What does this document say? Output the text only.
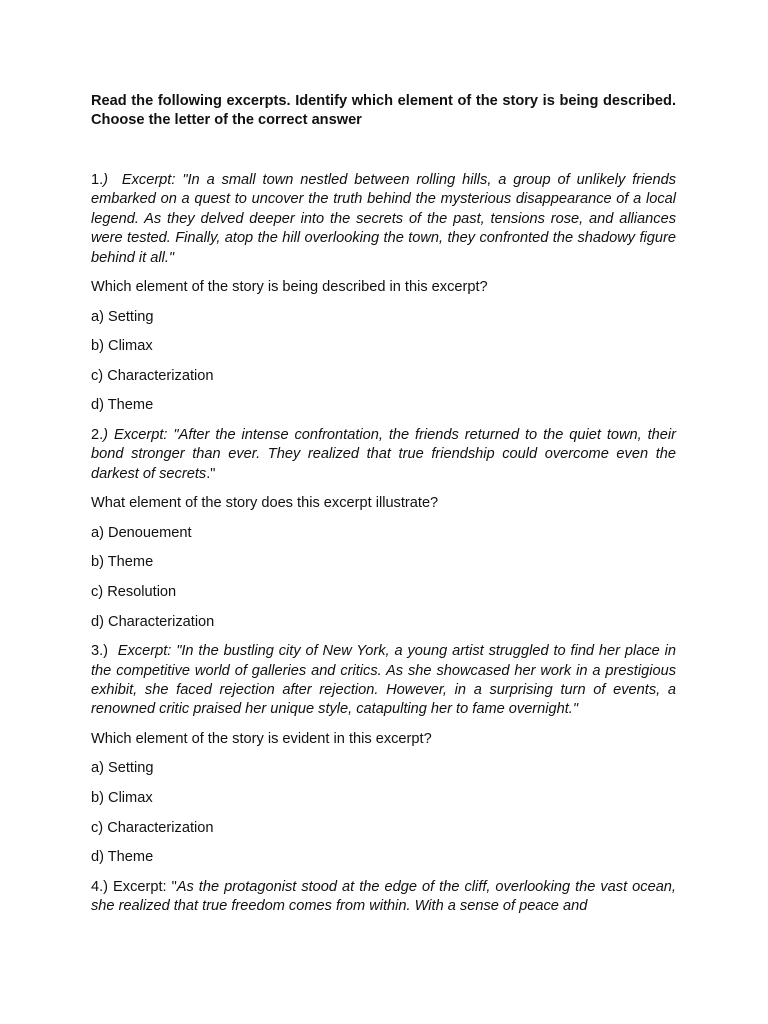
Read the following excerpts. Identify which element of the story is being described. Choose the letter of the correct answer

1.) Excerpt: "In a small town nestled between rolling hills, a group of unlikely friends embarked on a quest to uncover the truth behind the mysterious disappearance of a local legend. As they delved deeper into the secrets of the past, tensions rose, and alliances were tested. Finally, atop the hill overlooking the town, they confronted the shadowy figure behind it all."

Which element of the story is being described in this excerpt?

a) Setting

b) Climax

c) Characterization

d) Theme

2.) Excerpt: "After the intense confrontation, the friends returned to the quiet town, their bond stronger than ever. They realized that true friendship could overcome even the darkest of secrets."

What element of the story does this excerpt illustrate?

a) Denouement

b) Theme

c) Resolution

d) Characterization

3.) Excerpt: "In the bustling city of New York, a young artist struggled to find her place in the competitive world of galleries and critics. As she showcased her work in a prestigious exhibit, she faced rejection after rejection. However, in a surprising turn of events, a renowned critic praised her unique style, catapulting her to fame overnight."

Which element of the story is evident in this excerpt?

a) Setting

b) Climax

c) Characterization

d) Theme

4.) Excerpt: "As the protagonist stood at the edge of the cliff, overlooking the vast ocean, she realized that true freedom comes from within. With a sense of peace and
